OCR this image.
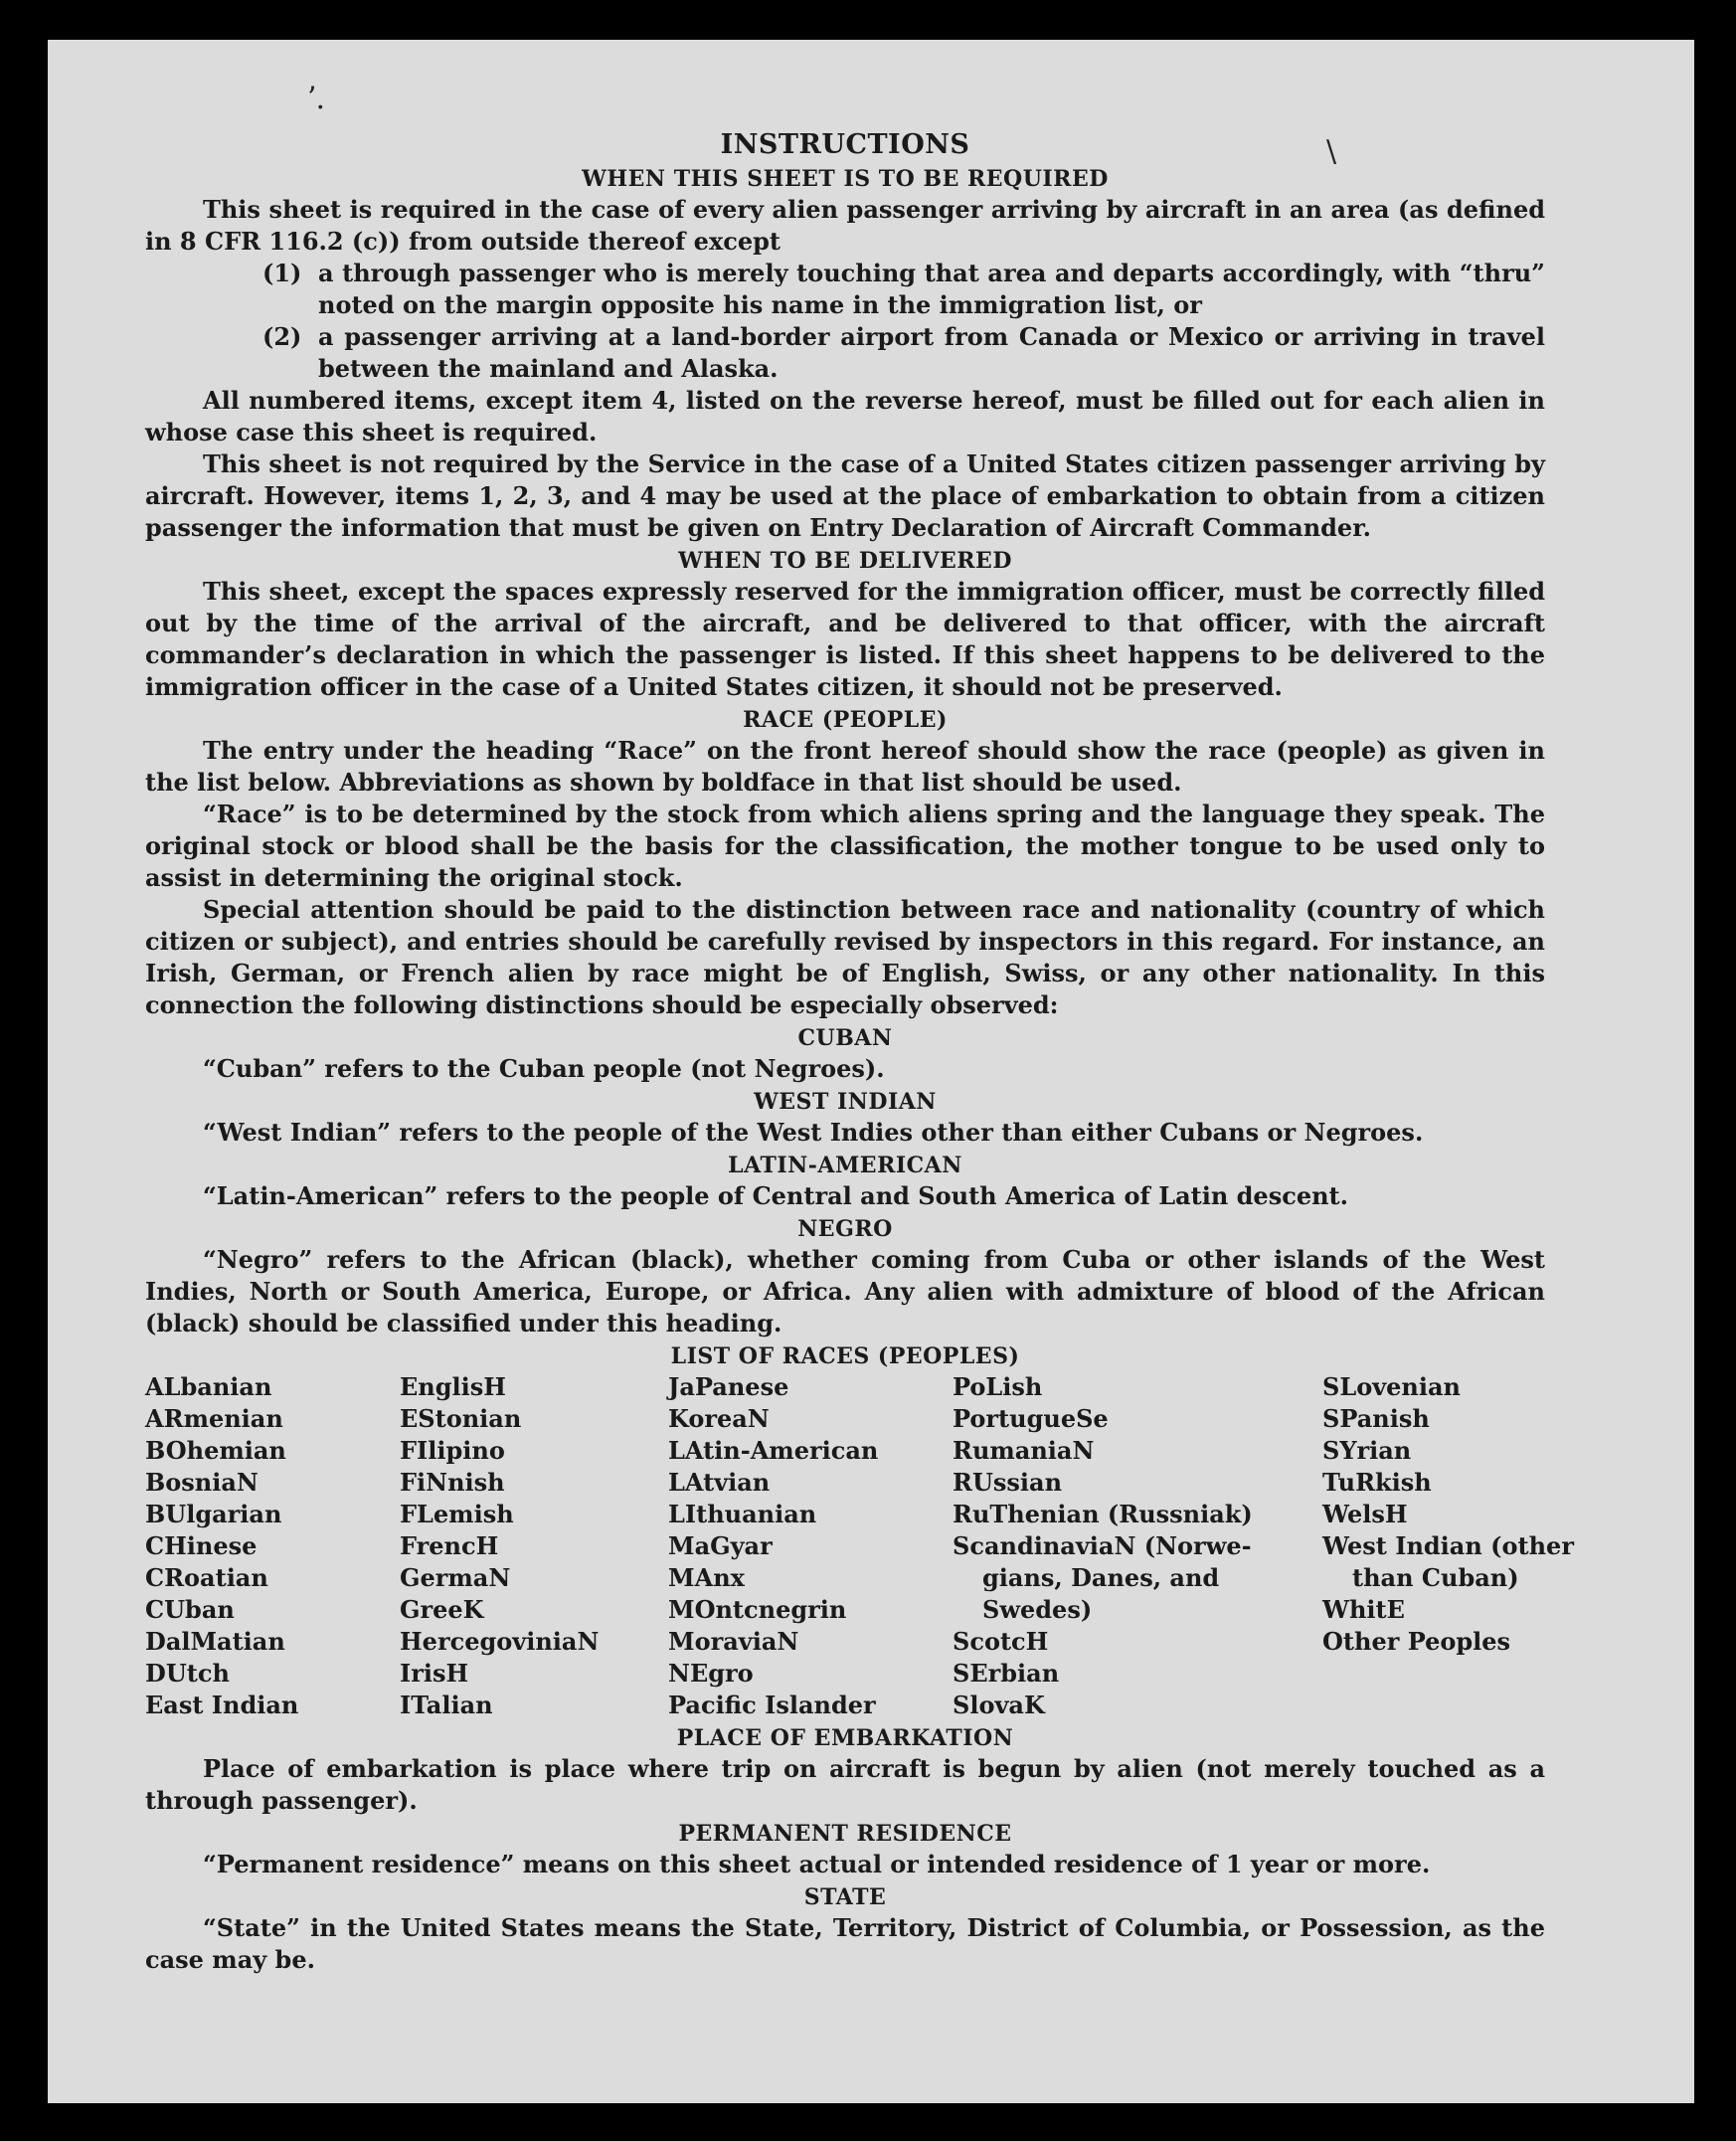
ʼ.
\
INSTRUCTIONS
WHEN THIS SHEET IS TO BE REQUIRED

This sheet is required in the case of every alien passenger arriving by aircraft in an area (as defined in 8 CFR 116.2 (c)) from outside thereof except

(1) a through passenger who is merely touching that area and departs accordingly, with “thru” noted on the margin opposite his name in the immigration list, or
(2) a passenger arriving at a land-border airport from Canada or Mexico or arriving in travel between the mainland and Alaska.

All numbered items, except item 4, listed on the reverse hereof, must be filled out for each alien in whose case this sheet is required.

This sheet is not required by the Service in the case of a United States citizen passenger arriving by aircraft. However, items 1, 2, 3, and 4 may be used at the place of embarkation to obtain from a citizen passenger the information that must be given on Entry Declaration of Aircraft Commander.

WHEN TO BE DELIVERED

This sheet, except the spaces expressly reserved for the immigration officer, must be correctly filled out by the time of the arrival of the aircraft, and be delivered to that officer, with the aircraft commander’s declaration in which the passenger is listed. If this sheet happens to be delivered to the immigration officer in the case of a United States citizen, it should not be preserved.

RACE (PEOPLE)

The entry under the heading “Race” on the front hereof should show the race (people) as given in the list below. Abbreviations as shown by boldface in that list should be used.

“Race” is to be determined by the stock from which aliens spring and the language they speak. The original stock or blood shall be the basis for the classification, the mother tongue to be used only to assist in determining the original stock.

Special attention should be paid to the distinction between race and nationality (country of which citizen or subject), and entries should be carefully revised by inspectors in this regard. For instance, an Irish, German, or French alien by race might be of English, Swiss, or any other nationality. In this connection the following distinctions should be especially observed:

CUBAN

“Cuban” refers to the Cuban people (not Negroes).

WEST INDIAN

“West Indian” refers to the people of the West Indies other than either Cubans or Negroes.

LATIN-AMERICAN

“Latin-American” refers to the people of Central and South America of Latin descent.

NEGRO

“Negro” refers to the African (black), whether coming from Cuba or other islands of the West Indies, North or South America, Europe, or Africa. Any alien with admixture of blood of the African (black) should be classified under this heading.

LIST OF RACES (PEOPLES)
ALbanian
ARmenian
BOhemian
BosniaN
BUlgarian
CHinese
CRoatian
CUban
DalMatian
DUtch
East Indian
EnglisH
EStonian
FIlipino
FiNnish
FLemish
FrencH
GermaN
GreeK
HercegoviniaN
IrisH
ITalian
JaPanese
KoreaN
LAtin-American
LAtvian
LIthuanian
MaGyar
MAnx
MOntcnegrin
MoraviaN
NEgro
Pacific Islander
PoLish
PortugueSe
RumaniaN
RUssian
RuThenian (Russniak)
ScandinaviaN (Norwe-
gians, Danes, and
Swedes)
ScotcH
SErbian
SlovaK
SLovenian
SPanish
SYrian
TuRkish
WelsH
West Indian (other
than Cuban)
WhitE
Other Peoples
PLACE OF EMBARKATION

Place of embarkation is place where trip on aircraft is begun by alien (not merely touched as a through passenger).

PERMANENT RESIDENCE

“Permanent residence” means on this sheet actual or intended residence of 1 year or more.

STATE

“State” in the United States means the State, Territory, District of Columbia, or Possession, as the case may be.
